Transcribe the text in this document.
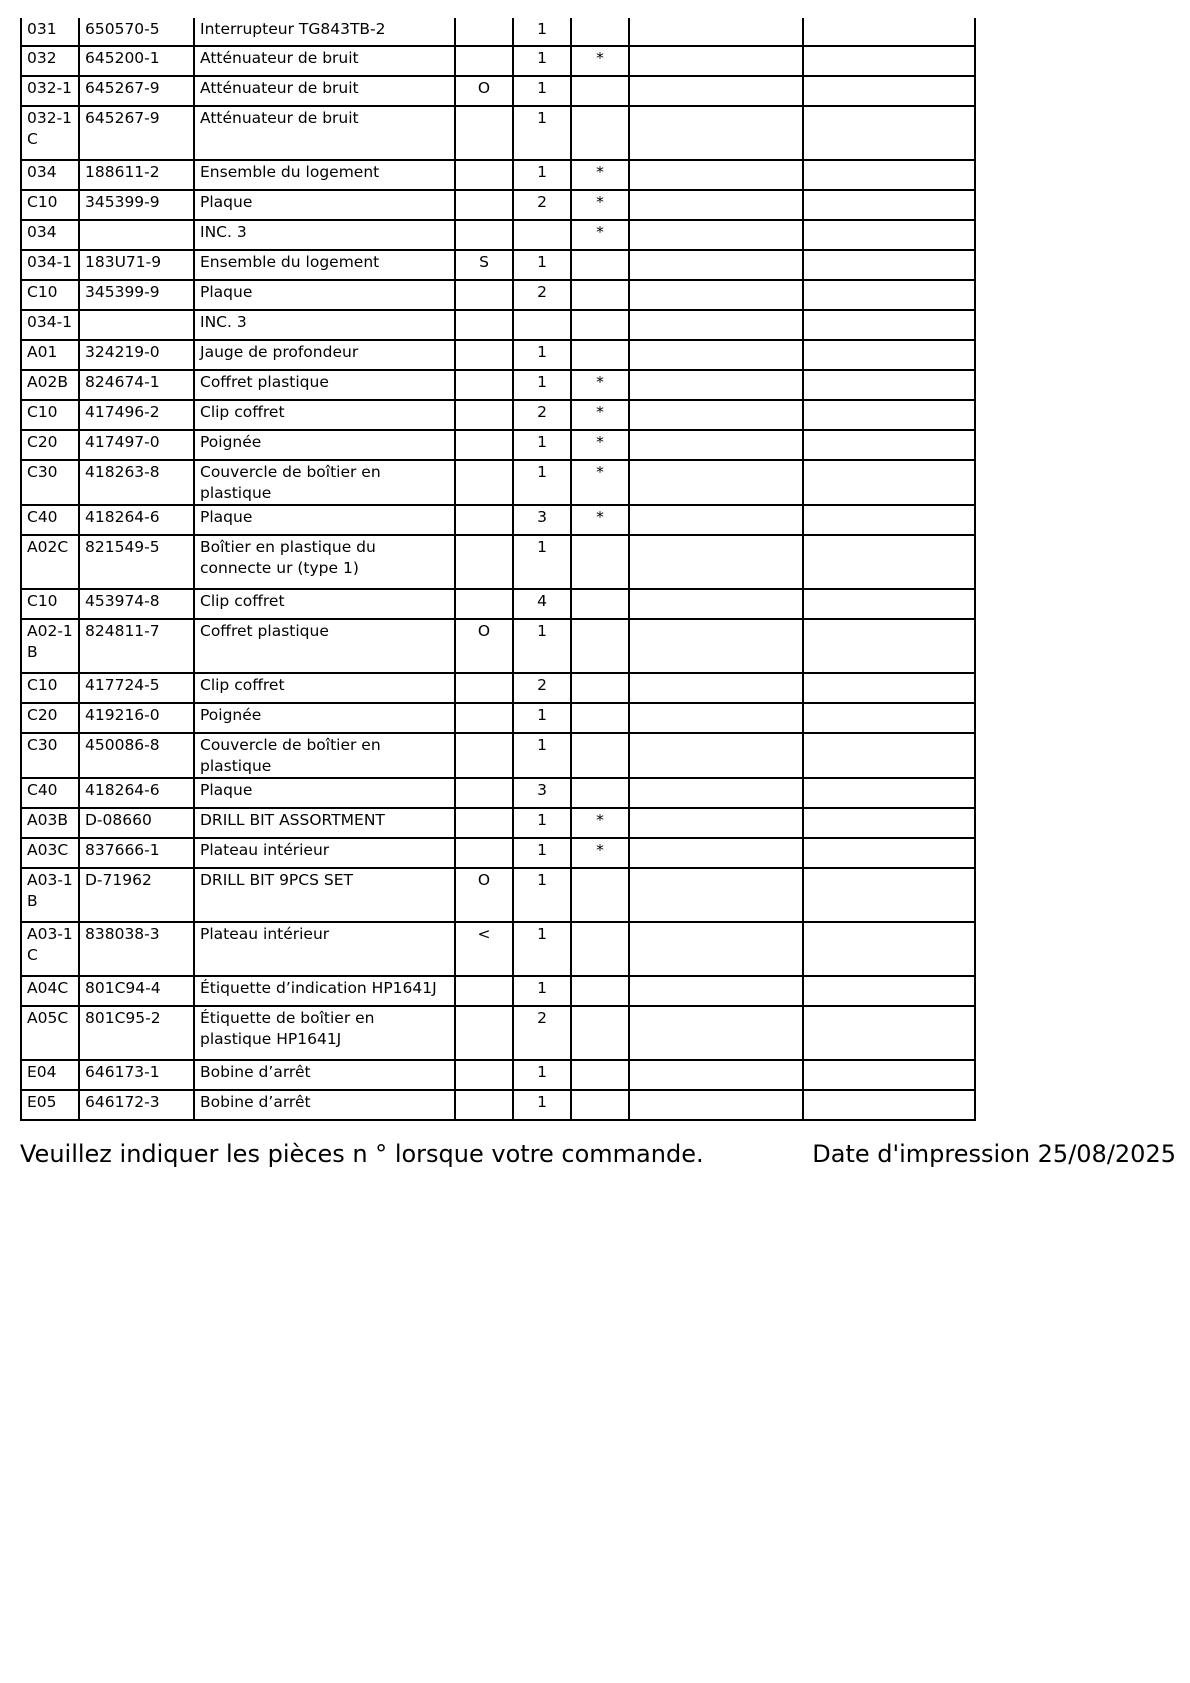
031	650570-5	Interrupteur TG843TB-2		1			
032	645200-1	Atténuateur de bruit		1	*		
032-1	645267-9	Atténuateur de bruit	O	1			
032-1 C	645267-9	Atténuateur de bruit		1			
034	188611-2	Ensemble du logement		1	*		
C10	345399-9	Plaque		2	*		
034		INC. 3			*		
034-1	183U71-9	Ensemble du logement	S	1			
C10	345399-9	Plaque		2			
034-1		INC. 3					
A01	324219-0	Jauge de profondeur		1			
A02B	824674-1	Coffret plastique		1	*		
C10	417496-2	Clip coffret		2	*		
C20	417497-0	Poignée		1	*		
C30	418263-8	Couvercle de boîtier en plastique		1	*		
C40	418264-6	Plaque		3	*		
A02C	821549-5	Boîtier en plastique du connecte ur (type 1)		1			
C10	453974-8	Clip coffret		4			
A02-1 B	824811-7	Coffret plastique	O	1			
C10	417724-5	Clip coffret		2			
C20	419216-0	Poignée		1			
C30	450086-8	Couvercle de boîtier en plastique		1			
C40	418264-6	Plaque		3			
A03B	D-08660	DRILL BIT ASSORTMENT		1	*		
A03C	837666-1	Plateau intérieur		1	*		
A03-1 B	D-71962	DRILL BIT 9PCS SET	O	1			
A03-1 C	838038-3	Plateau intérieur	<	1			
A04C	801C94-4	Étiquette d’indication HP1641J		1			
A05C	801C95-2	Étiquette de boîtier en plastique HP1641J		2			
E04	646173-1	Bobine d’arrêt		1			
E05	646172-3	Bobine d’arrêt		1			
Veuillez indiquer les pièces n ° lorsque votre commande.	Date d'impression 25/08/2025
